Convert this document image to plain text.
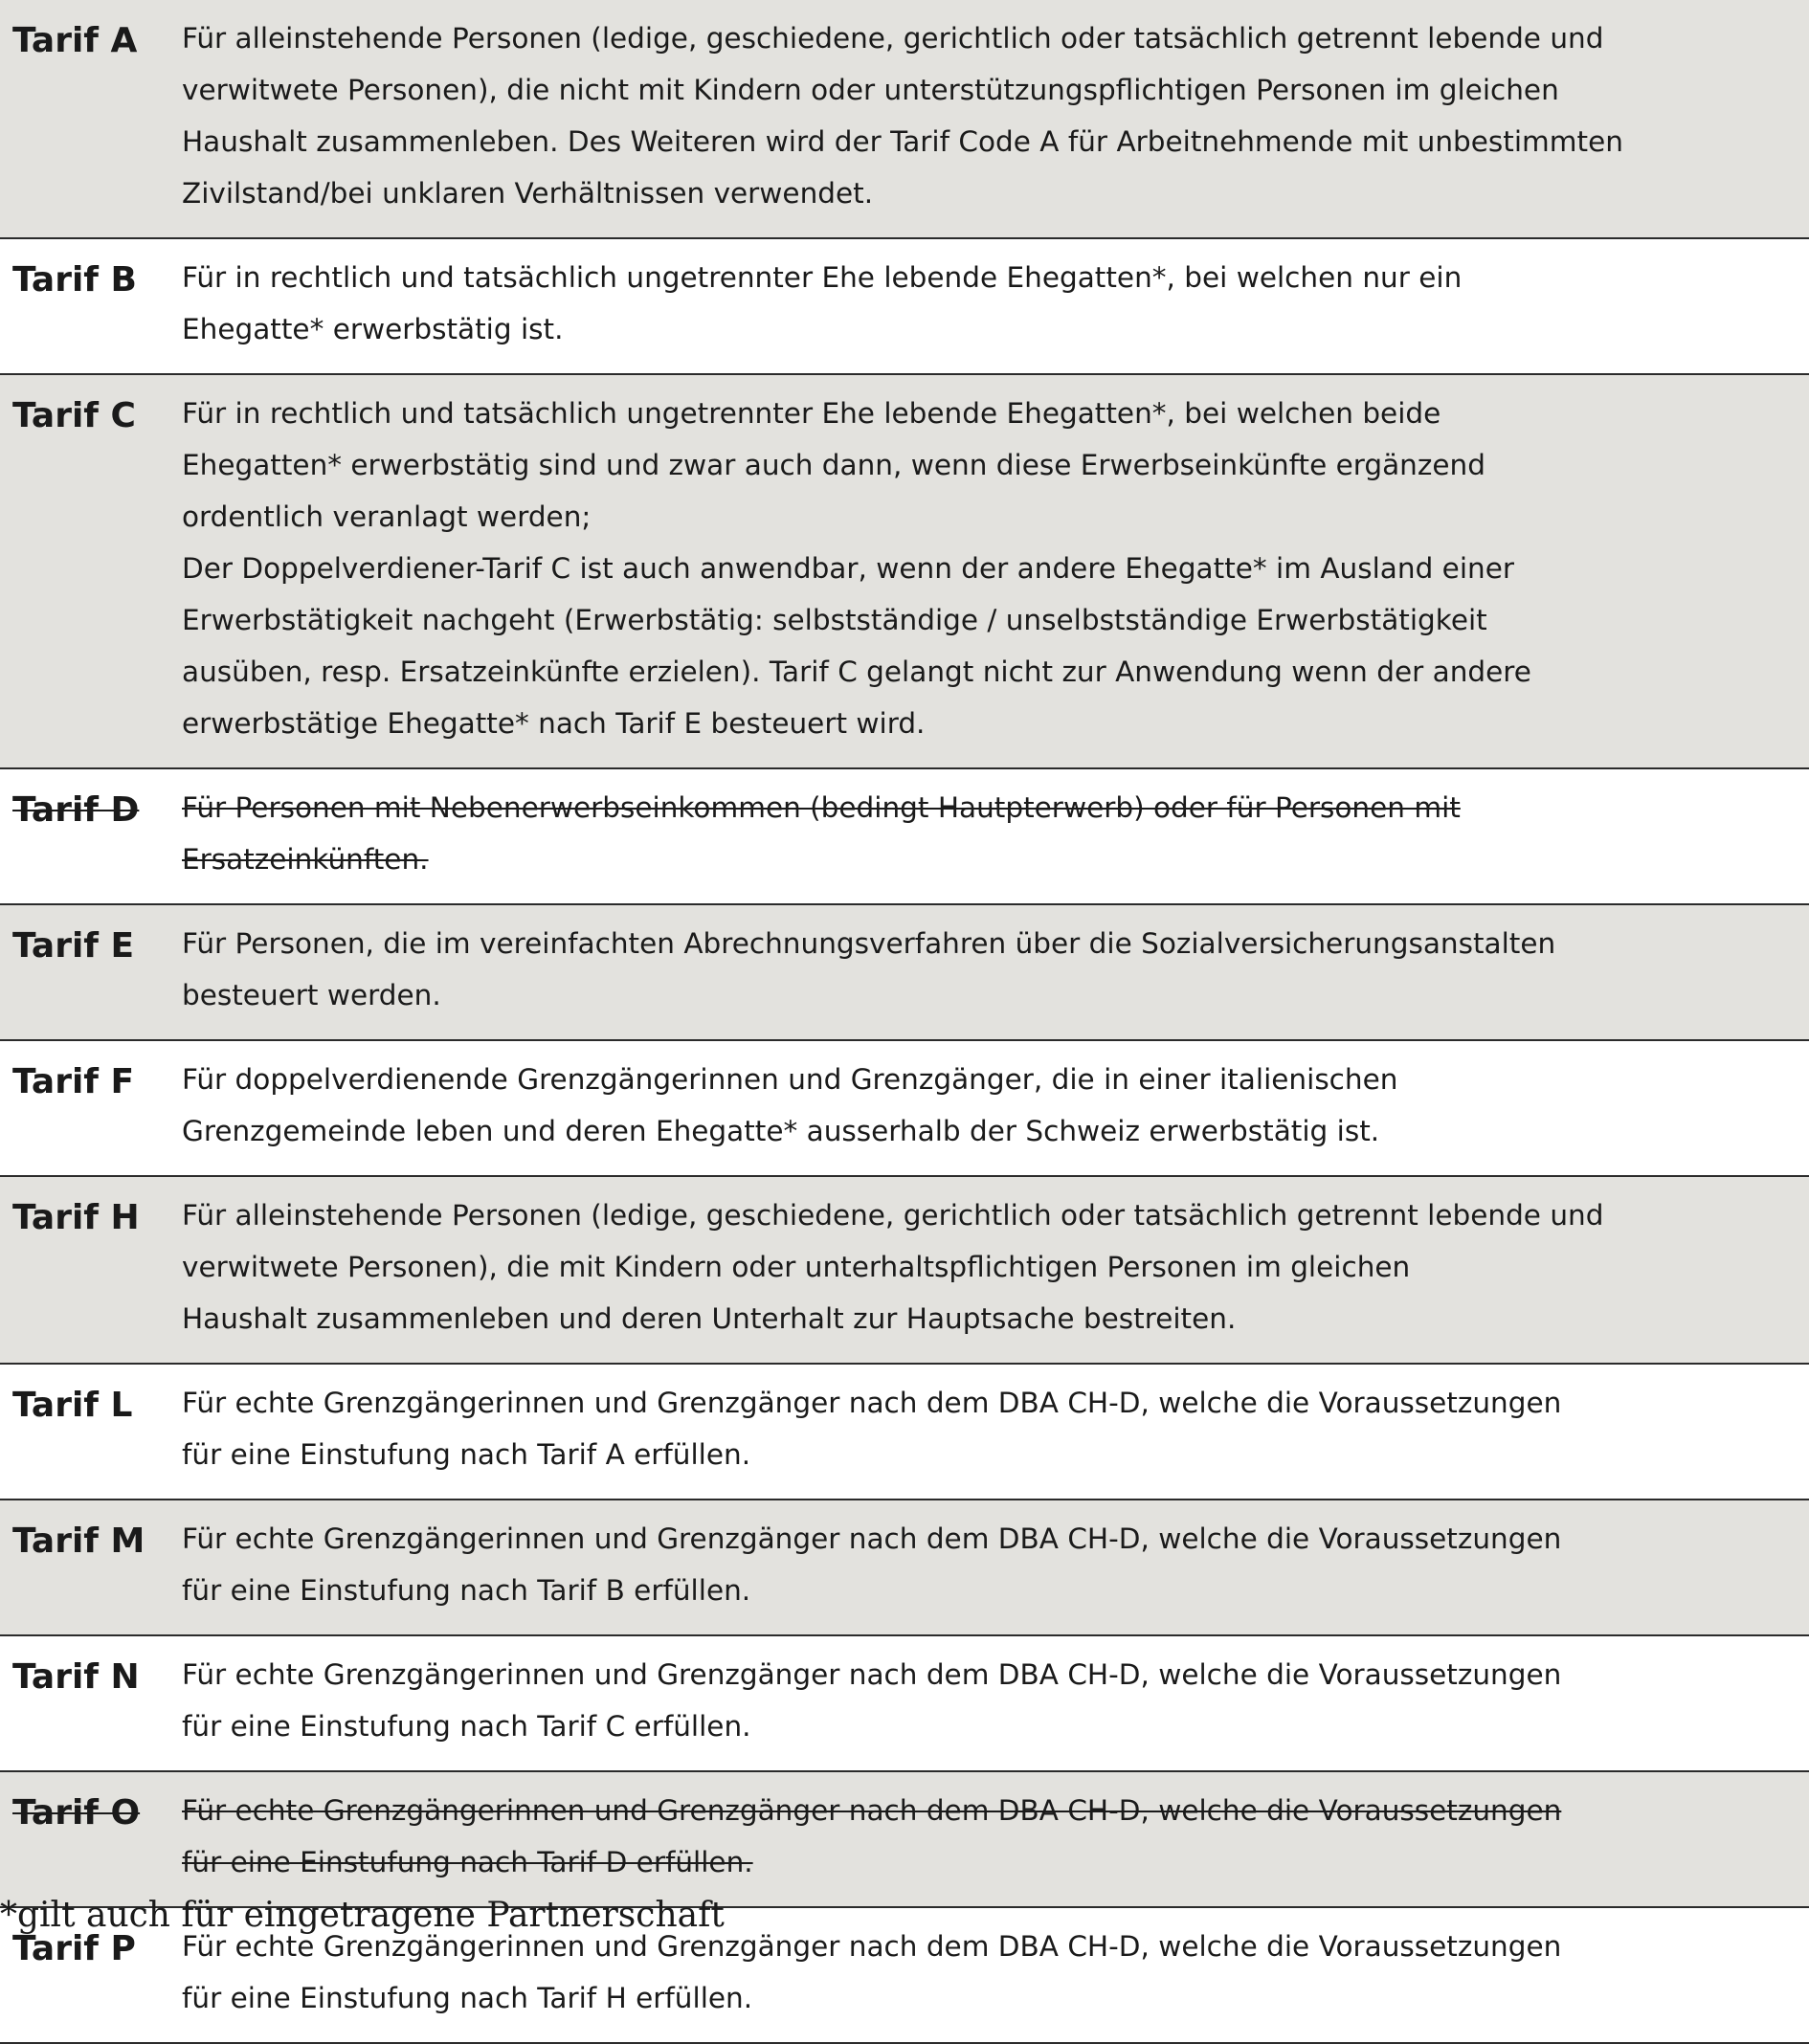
Tarif A	Für alleinstehende Personen (ledige, geschiedene, gerichtlich oder tatsächlich getrennt lebende und
verwitwete Personen), die nicht mit Kindern oder unterstützungspflichtigen Personen im gleichen
Haushalt zusammenleben. Des Weiteren wird der Tarif Code A für Arbeitnehmende mit unbestimmten
Zivilstand/bei unklaren Verhältnissen verwendet.
Tarif B	Für in rechtlich und tatsächlich ungetrennter Ehe lebende Ehegatten*, bei welchen nur ein
Ehegatte* erwerbstätig ist.
Tarif C	Für in rechtlich und tatsächlich ungetrennter Ehe lebende Ehegatten*, bei welchen beide
Ehegatten* erwerbstätig sind und zwar auch dann, wenn diese Erwerbseinkünfte ergänzend
ordentlich veranlagt werden;
Der Doppelverdiener-Tarif C ist auch anwendbar, wenn der andere Ehegatte* im Ausland einer
Erwerbstätigkeit nachgeht (Erwerbstätig: selbstständige / unselbstständige Erwerbstätigkeit
ausüben, resp. Ersatzeinkünfte erzielen). Tarif C gelangt nicht zur Anwendung wenn der andere
erwerbstätige Ehegatte* nach Tarif E besteuert wird.
Tarif D	Für Personen mit Nebenerwerbseinkommen (bedingt Hautpterwerb) oder für Personen mit
Ersatzeinkünften.
Tarif E	Für Personen, die im vereinfachten Abrechnungsverfahren über die Sozialversicherungsanstalten
besteuert werden.
Tarif F	Für doppelverdienende Grenzgängerinnen und Grenzgänger, die in einer italienischen
Grenzgemeinde leben und deren Ehegatte* ausserhalb der Schweiz erwerbstätig ist.
Tarif H	Für alleinstehende Personen (ledige, geschiedene, gerichtlich oder tatsächlich getrennt lebende und
verwitwete Personen), die mit Kindern oder unterhaltspflichtigen Personen im gleichen
Haushalt zusammenleben und deren Unterhalt zur Hauptsache bestreiten.
Tarif L	Für echte Grenzgängerinnen und Grenzgänger nach dem DBA CH-D, welche die Voraussetzungen
für eine Einstufung nach Tarif A erfüllen.
Tarif M	Für echte Grenzgängerinnen und Grenzgänger nach dem DBA CH-D, welche die Voraussetzungen
für eine Einstufung nach Tarif B erfüllen.
Tarif N	Für echte Grenzgängerinnen und Grenzgänger nach dem DBA CH-D, welche die Voraussetzungen
für eine Einstufung nach Tarif C erfüllen.
Tarif O	Für echte Grenzgängerinnen und Grenzgänger nach dem DBA CH-D, welche die Voraussetzungen
für eine Einstufung nach Tarif D erfüllen.
Tarif P	Für echte Grenzgängerinnen und Grenzgänger nach dem DBA CH-D, welche die Voraussetzungen
für eine Einstufung nach Tarif H erfüllen.
*gilt auch für eingetragene Partnerschaft
